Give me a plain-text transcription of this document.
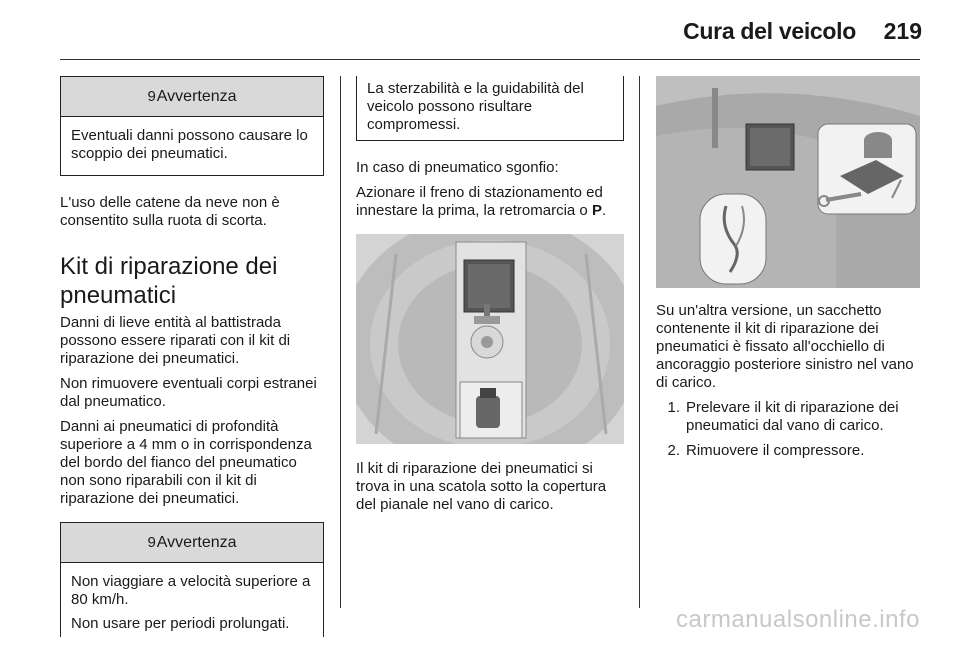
Cura del veicolo 219
9 Avvertenza

Eventuali danni possono causare lo scoppio dei pneumatici.

L'uso delle catene da neve non è consentito sulla ruota di scorta.

Kit di riparazione dei pneumatici

Danni di lieve entità al battistrada possono essere riparati con il kit di riparazione dei pneumatici.

Non rimuovere eventuali corpi estranei dal pneumatico.

Danni ai pneumatici di profondità superiore a 4 mm o in corrispondenza del bordo del fianco del pneumatico non sono riparabili con il kit di riparazione dei pneumatici.

9 Avvertenza

Non viaggiare a velocità superiore a 80 km/h.

Non usare per periodi prolungati.

La sterzabilità e la guidabilità del veicolo possono risultare compromessi.

In caso di pneumatico sgonfio:

Azionare il freno di stazionamento ed innestare la prima, la retromarcia o P.

Il kit di riparazione dei pneumatici si trova in una scatola sotto la copertura del pianale nel vano di carico.

Su un'altra versione, un sacchetto contenente il kit di riparazione dei pneumatici è fissato all'occhiello di ancoraggio posteriore sinistro nel vano di carico.

1. Prelevare il kit di riparazione dei pneumatici dal vano di carico.
2. Rimuovere il compressore.
carmanualsonline.info
